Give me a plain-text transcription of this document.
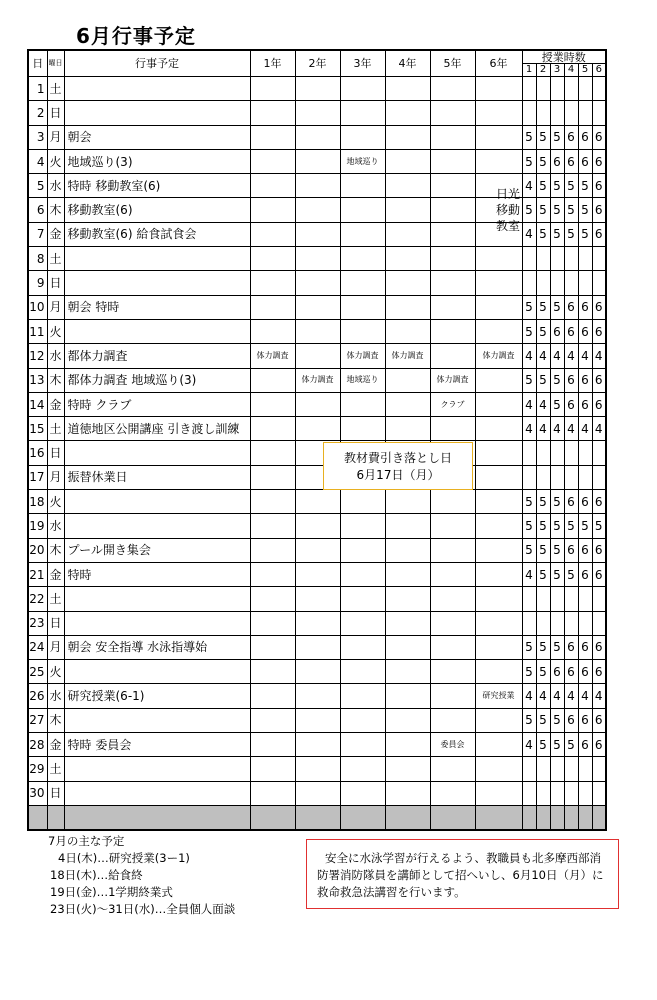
6月行事予定
日	曜日	行事予定	1年	2年	3年	4年	5年	6年	授業時数					
									1	2	3	4	5	6
1	土													
2	日													
3	月	朝会							5	5	5	6	6	6
4	火	地域巡り(3)			地域巡り				5	5	6	6	6	6
5	水	特時 移動教室(6)							4	5	5	5	5	6
6	木	移動教室(6)							5	5	5	5	5	6
7	金	移動教室(6) 給食試食会							4	5	5	5	5	6
8	土													
9	日													
10	月	朝会 特時							5	5	5	6	6	6
11	火								5	5	6	6	6	6
12	水	都体力調査	体力調査		体力調査	体力調査		体力調査	4	4	4	4	4	4
13	木	都体力調査 地域巡り(3)		体力調査	地域巡り		体力調査		5	5	5	6	6	6
14	金	特時 クラブ					クラブ		4	4	5	6	6	6
15	土	道徳地区公開講座 引き渡し訓練							4	4	4	4	4	4
16	日													
17	月	振替休業日												
18	火								5	5	5	6	6	6
19	水								5	5	5	5	5	5
20	木	プール開き集会							5	5	5	6	6	6
21	金	特時							4	5	5	5	6	6
22	土													
23	日													
24	月	朝会 安全指導 水泳指導始							5	5	5	6	6	6
25	火								5	5	6	6	6	6
26	水	研究授業(6-1)						研究授業	4	4	4	4	4	4
27	木								5	5	5	6	6	6
28	金	特時 委員会					委員会		4	5	5	5	6	6
29	土													
30	日													

日光
移動
教室
教材費引き落とし日
6月17日（月）
7月の主な予定
4日(木)…研究授業(3ー1)
18日(木)…給食終
19日(金)…1学期終業式
23日(火)～31日(水)…全員個人面談
安全に水泳学習が行えるよう、教職員も北多摩西部消防署消防隊員を講師として招へいし、6月10日（月）に救命救急法講習を行います。
